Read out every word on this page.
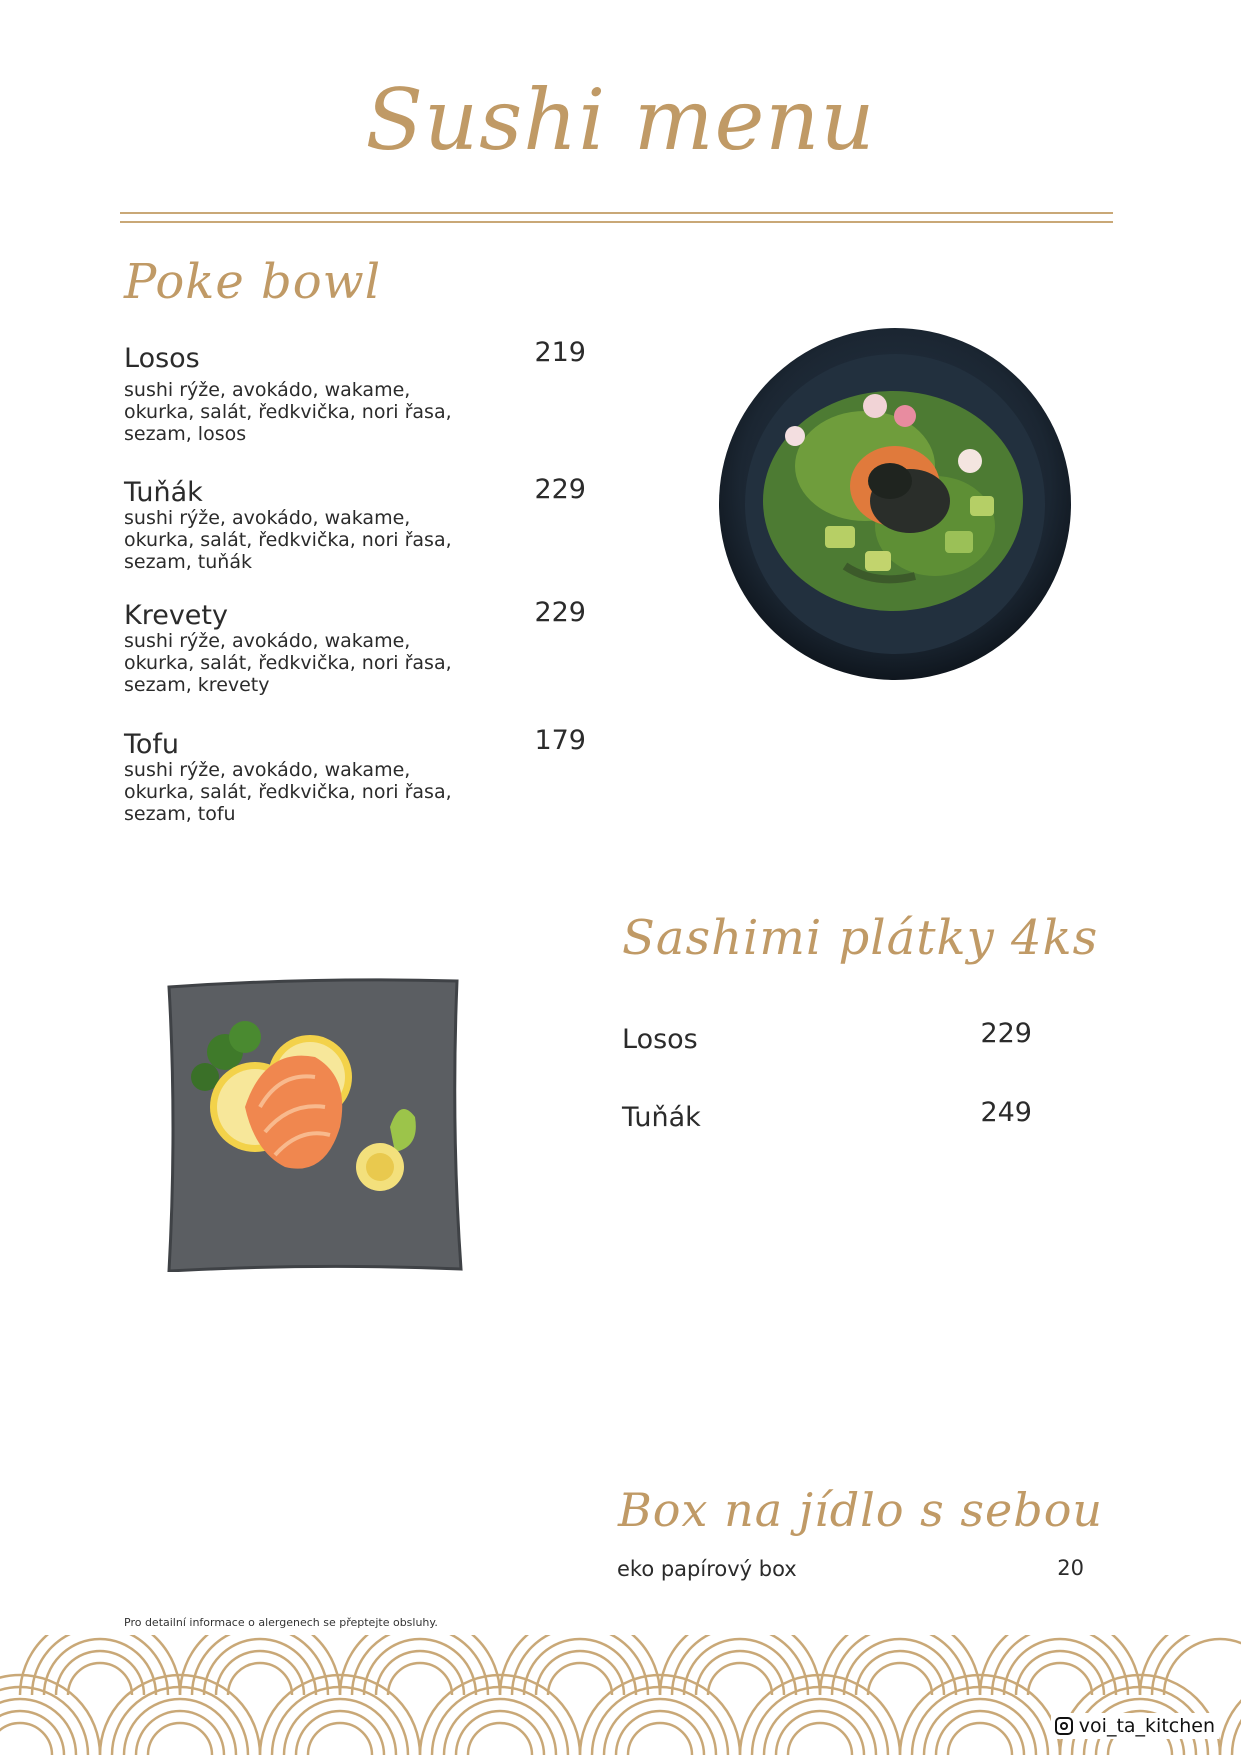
Sushi menu
Poke bowl
Losos	219
sushi rýže, avokádo, wakame, okurka, salát, ředkvička, nori řasa, sezam, losos
Tuňák	229
sushi rýže, avokádo, wakame, okurka, salát, ředkvička, nori řasa, sezam, tuňák
Krevety	229
sushi rýže, avokádo, wakame, okurka, salát, ředkvička, nori řasa, sezam, krevety
Tofu	179
sushi rýže, avokádo, wakame, okurka, salát, ředkvička, nori řasa, sezam, tofu
Sashimi plátky 4ks
Losos	229
Tuňák	249
Box na jídlo s sebou
eko papírový box	20
Pro detailní informace o alergenech se přeptejte obsluhy.
voi_ta_kitchen
